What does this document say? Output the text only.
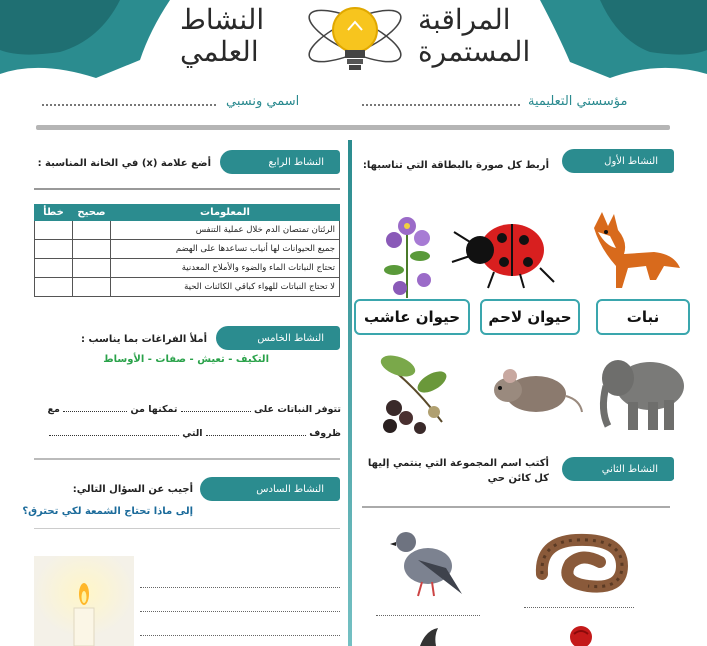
النشاط
العلمي
المراقبة
المستمرة
مؤسستي التعليمية
اسمي ونسبي
النشاط الأول
أربط كل صورة بالبطاقة التي تناسبها:
نبات
حيوان لاحم
حيوان عاشب
النشاط الثاني
أكتب اسم المجموعة التي ينتمي إليها
كل كائن حي
النشاط الرابع
أضع علامة (x) في الخانة المناسبة :
المعلومات	صحيح	خطأ
الرئتان تمتصان الدم خلال عملية التنفس		
جميع الحيوانات لها أنياب تساعدها على الهضم		
تحتاج النباتات الماء والضوء والأملاح المعدنية		
لا تحتاج النباتات للهواء كباقي الكائنات الحية		
النشاط الخامس
أملأ الفراغات بما يناسب :
التكيف - تعيش - صفات - الأوساط
تتوفر النباتات على  تمكنها من  مع
ظروف  التي
النشاط السادس
أجيب عن السؤال التالي:
إلى ماذا تحتاج الشمعة لكي تحترق؟
